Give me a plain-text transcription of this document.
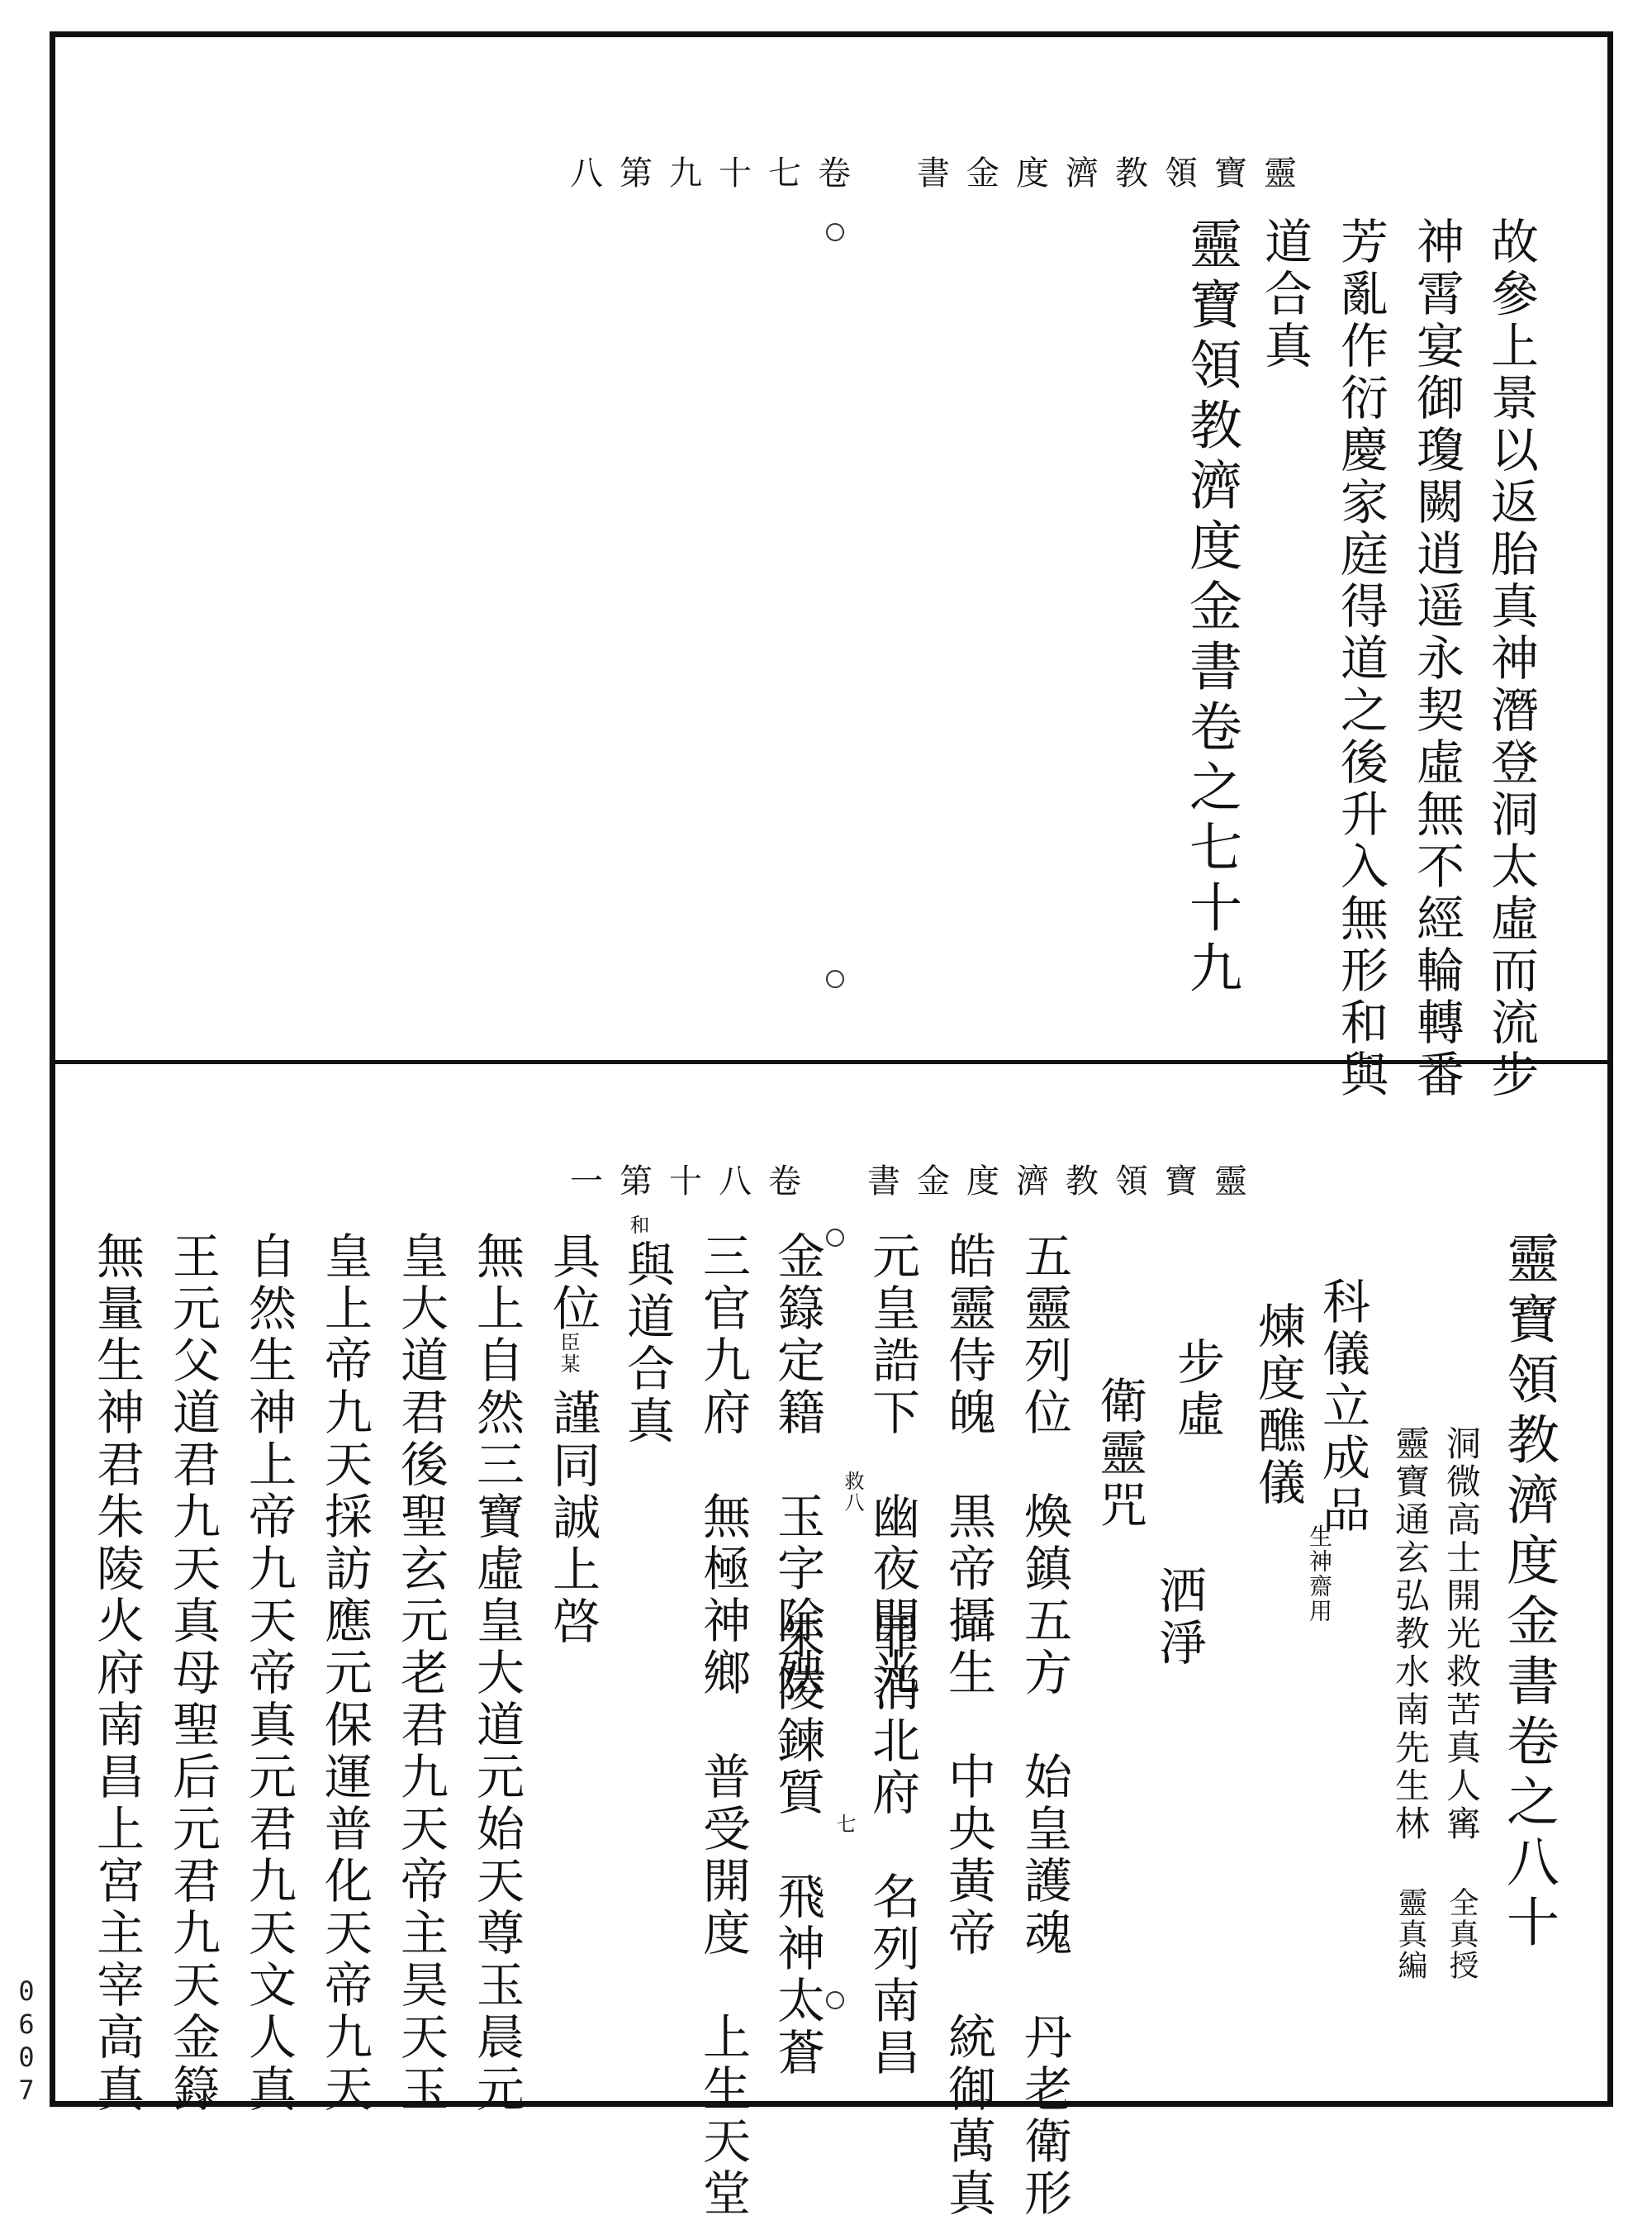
八第九十七卷　書金度濟教領寶靈
故參上景以返胎真神潛登洞太虛而流步
神霄宴御瓊闕逍遥永契虛無不經輪轉番
芳亂作衍慶家庭得道之後升入無形和與
道合真
靈寶領教濟度金書卷之七十九
一第十八卷　書金度濟教領寶靈
靈寶領教濟度金書卷之八十
洞微高士開光救苦真人寗 全真授
靈寶通玄弘教水南先生林 靈真編
科儀立成品
生神齋用
煉度醮儀
步虛
洒淨
衛靈咒
五靈列位　煥鎮五方　始皇護魂　丹老衛形
皓靈侍魄　黒帝攝生　中央黃帝　統御萬真
元皇誥下　幽夜開光
救八
罪消北府　名列南昌
金籙定籍　玉字除殃
七
朱陵鍊質　飛神太蒼
三官九府　無極神鄉　普受開度　上生天堂
和
與道合真
具位
臣某
謹同誠上啓
無上自然三寶虛皇大道元始天尊玉晨元
皇大道君後聖玄元老君九天帝主昊天玉
皇上帝九天採訪應元保運普化天帝九天
自然生神上帝九天帝真元君九天文人真
王元父道君九天真母聖后元君九天金籙
無量生神君朱陵火府南昌上宮主宰高真
0607
